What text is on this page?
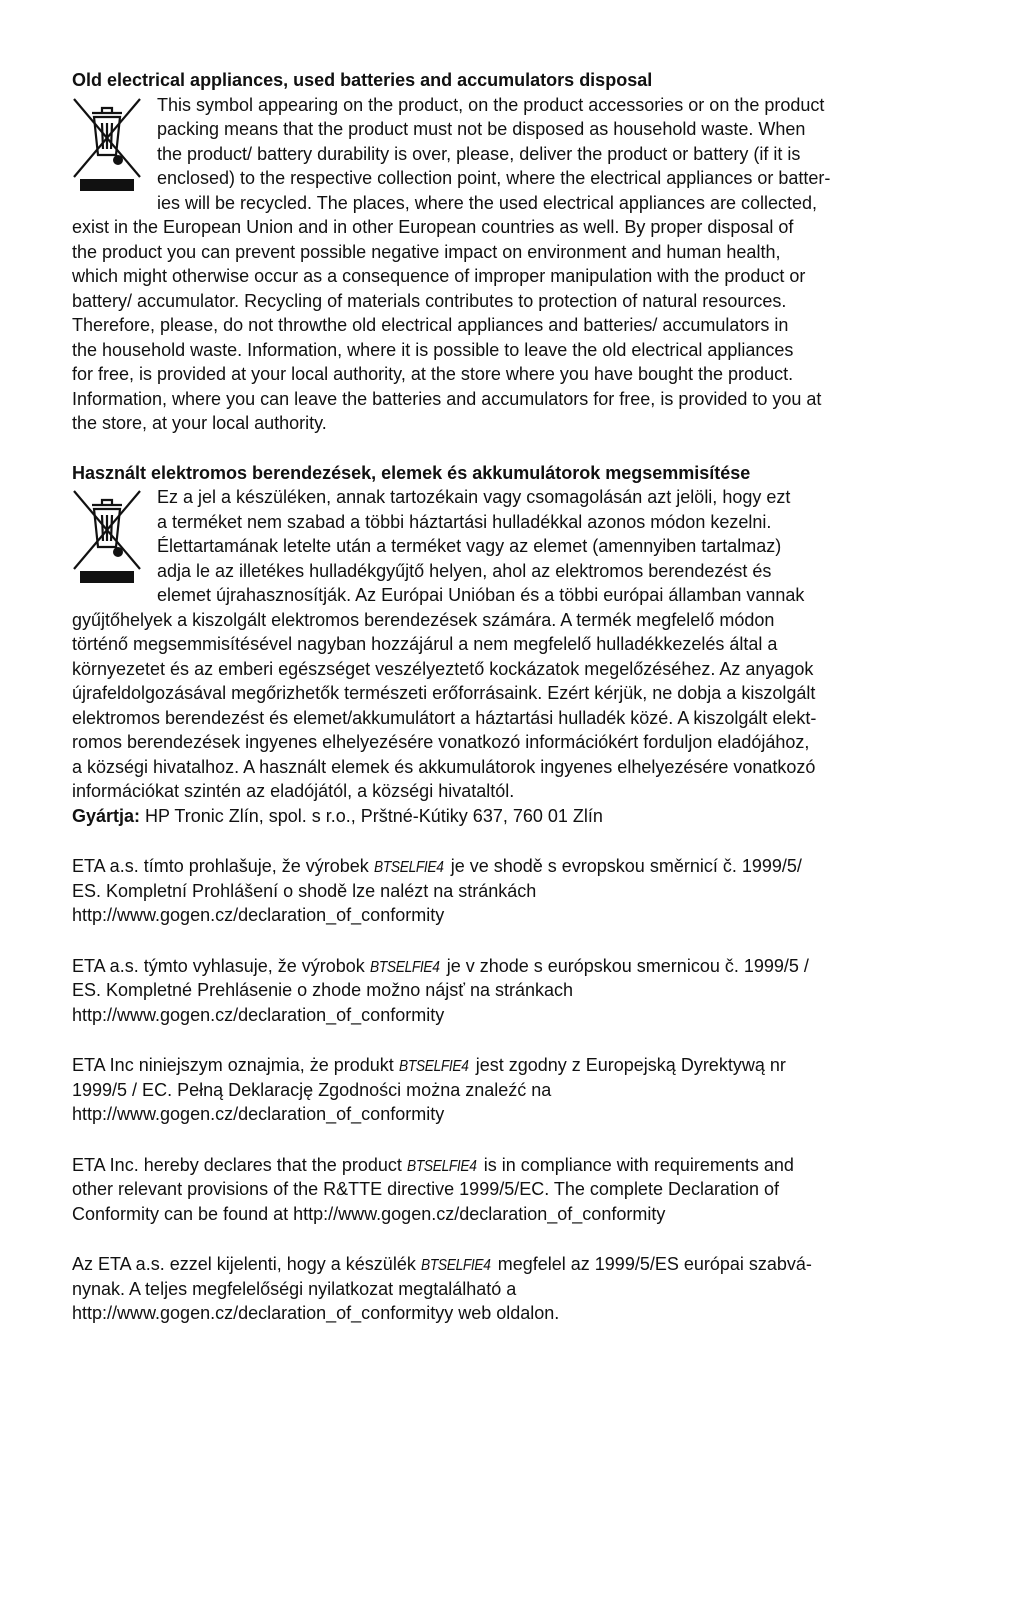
Old electrical appliances, used batteries and accumulators disposal

This symbol appearing on the product, on the product accessories or on the product

packing means that the product must not be disposed as household waste. When

the product/ battery durability is over, please, deliver the product or battery (if it is

enclosed) to the respective collection point, where the electrical appliances or batter-

ies will be recycled. The places, where the used electrical appliances are collected,

exist in the European Union and in other European countries as well. By proper disposal of

the product you can prevent possible negative impact on environment and human health,

which might otherwise occur as a consequence of improper manipulation with the product or

battery/ accumulator. Recycling of materials contributes to protection of natural resources.

Therefore, please, do not throwthe old electrical appliances and batteries/ accumulators in

the household waste. Information, where it is possible to leave the old electrical appliances

for free, is provided at your local authority, at the store where you have bought the product.

Information, where you can leave the batteries and accumulators for free, is provided to you at

the store, at your local authority.

Használt elektromos berendezések, elemek és akkumulátorok megsemmisítése

Ez a jel a készüléken, annak tartozékain vagy csomagolásán azt jelöli, hogy ezt

a terméket nem szabad a többi háztartási hulladékkal azonos módon kezelni.

Élettartamának letelte után a terméket vagy az elemet (amennyiben tartalmaz)

adja le az illetékes hulladékgyűjtő helyen, ahol az elektromos berendezést és

elemet újrahasznosítják. Az Európai Unióban és a többi európai államban vannak

gyűjtőhelyek a kiszolgált elektromos berendezések számára. A termék megfelelő módon

történő megsemmisítésével nagyban hozzájárul a nem megfelelő hulladékkezelés által a

környezetet és az emberi egészséget veszélyeztető kockázatok megelőzéséhez. Az anyagok

újrafeldolgozásával megőrizhetők természeti erőforrásaink. Ezért kérjük, ne dobja a kiszolgált

elektromos berendezést és elemet/akkumulátort a háztartási hulladék közé. A kiszolgált elekt-

romos berendezések ingyenes elhelyezésére vonatkozó információkért forduljon eladójához,

a községi hivatalhoz. A használt elemek és akkumulátorok ingyenes elhelyezésére vonatkozó

információkat szintén az eladójától, a községi hivataltól.

Gyártja: HP Tronic Zlín, spol. s r.o., Prštné-Kútiky 637, 760 01 Zlín

ETA a.s. tímto prohlašuje, že výrobek BTSELFIE4 je ve shodě s evropskou směrnicí č. 1999/5/

ES. Kompletní Prohlášení o shodě lze nalézt na stránkách

http://www.gogen.cz/declaration_of_conformity

ETA a.s. týmto vyhlasuje, že výrobok BTSELFIE4 je v zhode s európskou smernicou č. 1999/5 /

ES. Kompletné Prehlásenie o zhode možno nájsť na stránkach

http://www.gogen.cz/declaration_of_conformity

ETA Inc niniejszym oznajmia, że produkt BTSELFIE4 jest zgodny z Europejską Dyrektywą nr

1999/5 / EC. Pełną Deklarację Zgodności można znaleźć na

http://www.gogen.cz/declaration_of_conformity

ETA Inc. hereby declares that the product BTSELFIE4 is in compliance with requirements and

other relevant provisions of the R&TTE directive 1999/5/EC. The complete Declaration of

Conformity can be found at http://www.gogen.cz/declaration_of_conformity

Az ETA a.s. ezzel kijelenti, hogy a készülék BTSELFIE4 megfelel az 1999/5/ES európai szabvá-

nynak. A teljes megfelelőségi nyilatkozat megtalálható a

http://www.gogen.cz/declaration_of_conformityy web oldalon.
